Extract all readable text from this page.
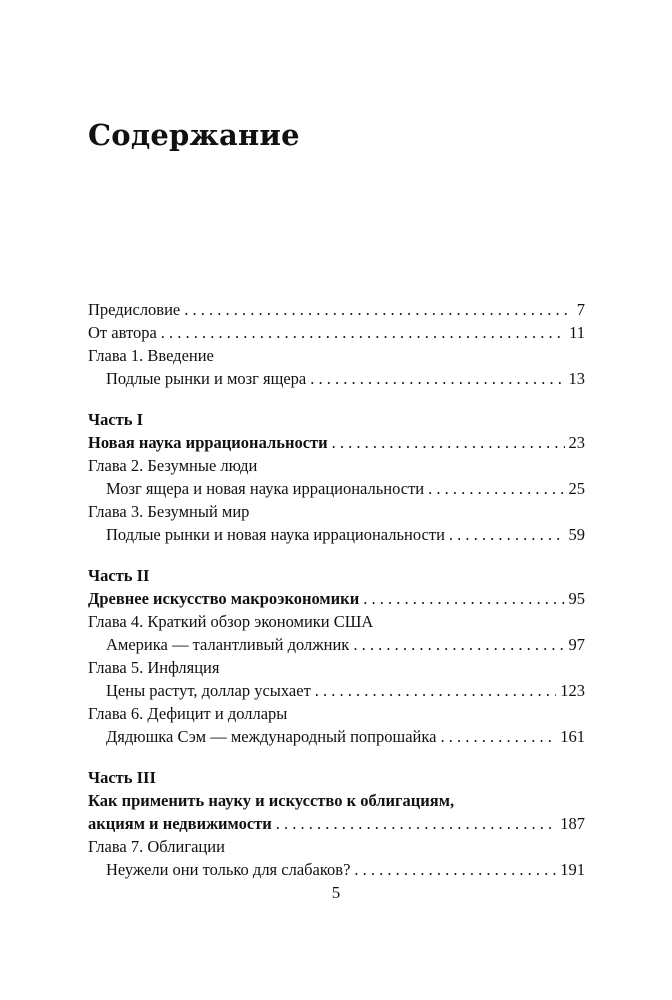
Содержание
Предисловие . . .	7
От автора . . .	11
Глава 1. Введение
Подлые рынки и мозг ящера . . .	13
Часть I
Новая наука иррациональности . . .	23
Глава 2. Безумные люди
Мозг ящера и новая наука иррациональности . . .	25
Глава 3. Безумный мир
Подлые рынки и новая наука иррациональности . . .	59
Часть II
Древнее искусство макроэкономики . . .	95
Глава 4. Краткий обзор экономики США
Америка — талантливый должник . . .	97
Глава 5. Инфляция
Цены растут, доллар усыхает . . .	123
Глава 6. Дефицит и доллары
Дядюшка Сэм — международный попрошайка . . .	161
Часть III
Как применить науку и искусство к облигациям,
акциям и недвижимости . . .	187
Глава 7. Облигации
Неужели они только для слабаков? . . .	191
5
